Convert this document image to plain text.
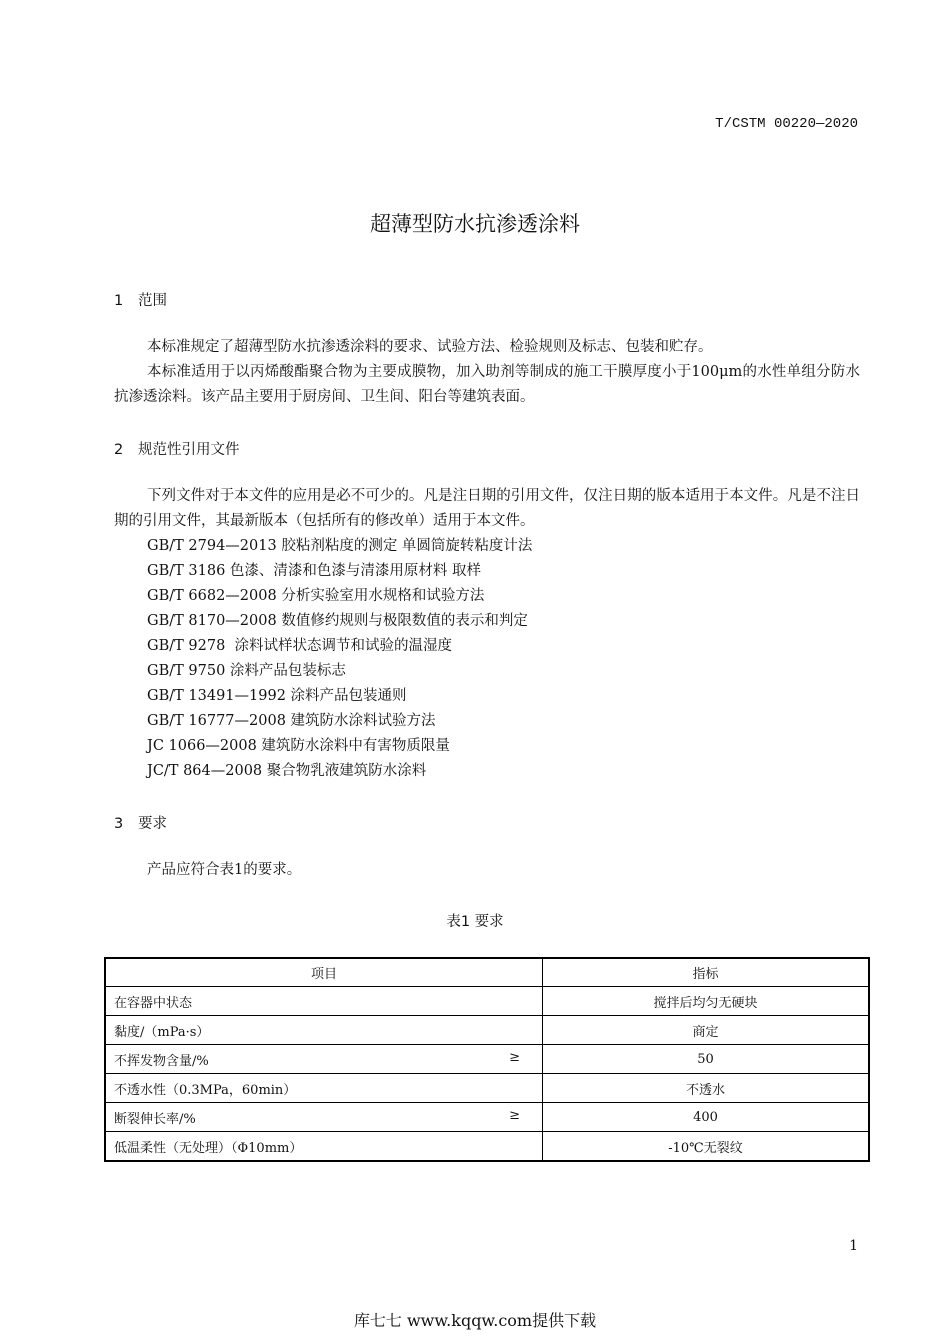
T/CSTM 00220—2020
超薄型防水抗渗透涂料
1 范围

本标准规定了超薄型防水抗渗透涂料的要求、试验方法、检验规则及标志、包装和贮存。

本标准适用于以丙烯酸酯聚合物为主要成膜物，加入助剂等制成的施工干膜厚度小于100μm的水性单组分防水抗渗透涂料。该产品主要用于厨房间、卫生间、阳台等建筑表面。

2 规范性引用文件

下列文件对于本文件的应用是必不可少的。凡是注日期的引用文件，仅注日期的版本适用于本文件。凡是不注日期的引用文件，其最新版本（包括所有的修改单）适用于本文件。

GB/T 2794—2013 胶粘剂粘度的测定 单圆筒旋转粘度计法
GB/T 3186 色漆、清漆和色漆与清漆用原材料 取样
GB/T 6682—2008 分析实验室用水规格和试验方法
GB/T 8170—2008 数值修约规则与极限数值的表示和判定
GB/T 9278  涂料试样状态调节和试验的温湿度
GB/T 9750 涂料产品包装标志
GB/T 13491—1992 涂料产品包装通则
GB/T 16777—2008 建筑防水涂料试验方法
JC 1066—2008 建筑防水涂料中有害物质限量
JC/T 864—2008 聚合物乳液建筑防水涂料
3 要求

产品应符合表1的要求。

表1 要求
项目	指标
在容器中状态	搅拌后均匀无硬块
黏度/（mPa·s）	商定
不挥发物含量/% ≥	50
不透水性（0.3MPa，60min）	不透水
断裂伸长率/% ≥	400
低温柔性（无处理）（Φ10mm）	-10℃无裂纹
1
库七七 www.kqqw.com提供下载
